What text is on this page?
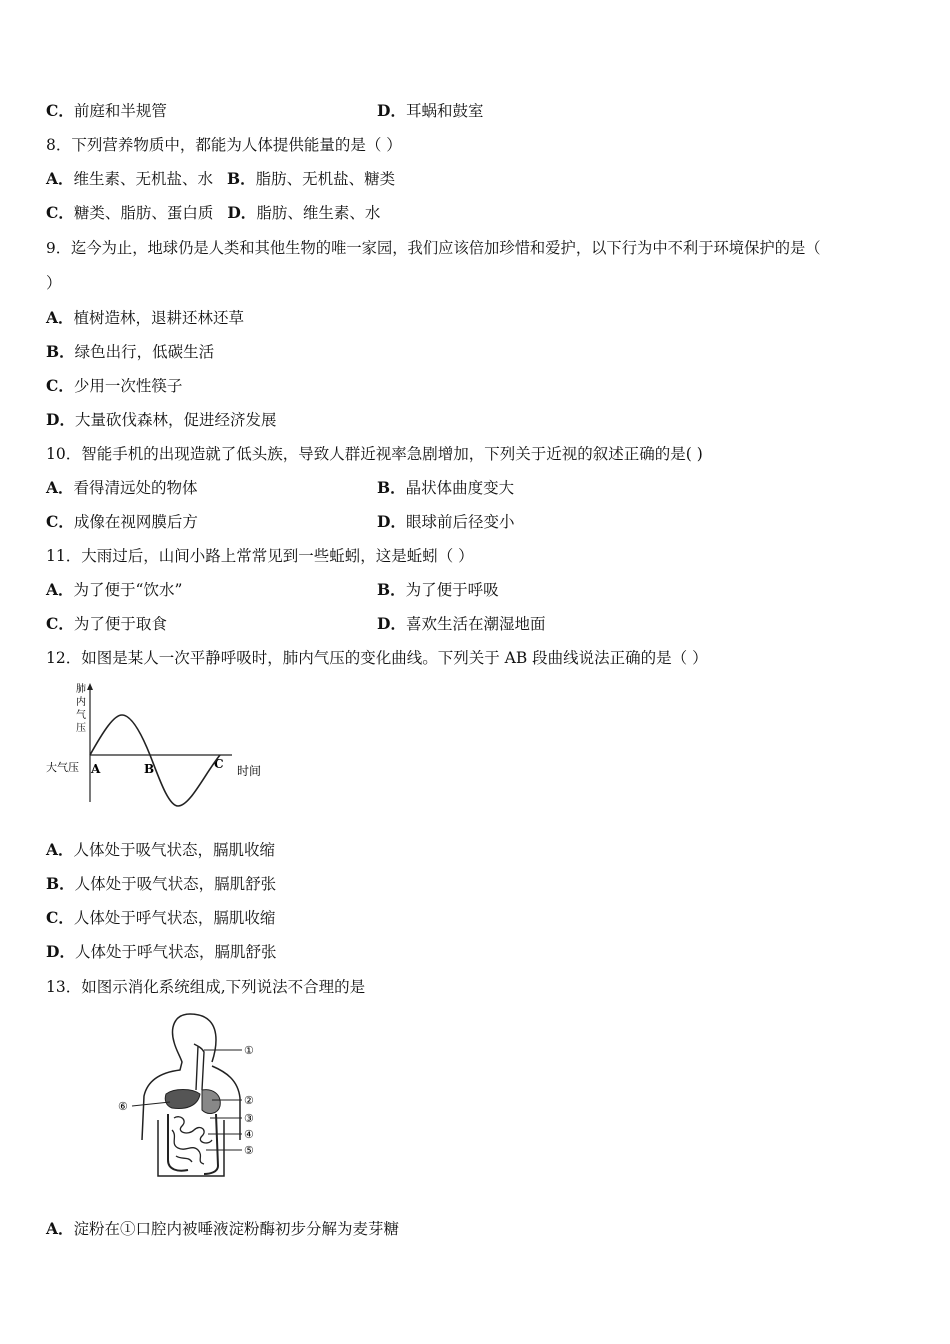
C．前庭和半规管	D．耳蜗和鼓室
8．下列营养物质中，都能为人体提供能量的是（ ）
A．维生素、无机盐、水 B．脂肪、无机盐、糖类
C．糖类、脂肪、蛋白质 D．脂肪、维生素、水
9．迄今为止，地球仍是人类和其他生物的唯一家园，我们应该倍加珍惜和爱护，以下行为中不利于环境保护的是（
）
A．植树造林，退耕还林还草
B．绿色出行，低碳生活
C．少用一次性筷子
D．大量砍伐森林，促进经济发展
10．智能手机的出现造就了低头族，导致人群近视率急剧增加，下列关于近视的叙述正确的是( )
A．看得清远处的物体	B．晶状体曲度变大
C．成像在视网膜后方	D．眼球前后径变小
11．大雨过后，山间小路上常常见到一些蚯蚓，这是蚯蚓（ ）
A．为了便于“饮水”	B．为了便于呼吸
C．为了便于取食	D．喜欢生活在潮湿地面
12．如图是某人一次平静呼吸时，肺内气压的变化曲线。下列关于 AB 段曲线说法正确的是（ ）
肺
内
气
压
大气压	时间
A	B	C
A．人体处于吸气状态，膈肌收缩
B．人体处于吸气状态，膈肌舒张
C．人体处于呼气状态，膈肌收缩
D．人体处于呼气状态，膈肌舒张
13．如图示消化系统组成,下列说法不合理的是
①
②
③
④
⑤
⑥
A．淀粉在①口腔内被唾液淀粉酶初步分解为麦芽糖
